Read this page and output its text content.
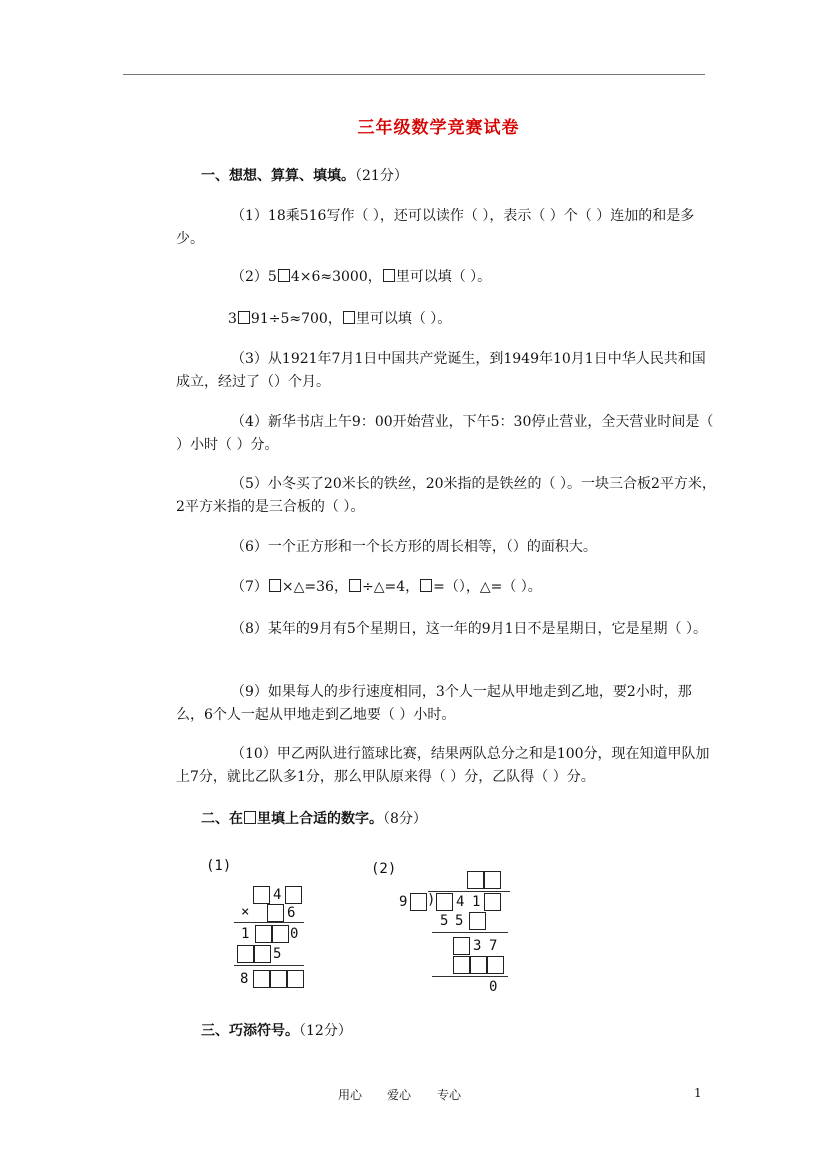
三年级数学竞赛试卷
一、想想、算算、填填。（21分）
（1）18乘516写作（ ），还可以读作（ ），表示（ ）个（ ）连加的和是多少。
（2）5 4×6≈3000， 里可以填（ ）。
3 91÷5≈700， 里可以填（ ）。
（3）从1921年7月1日中国共产党诞生，到1949年10月1日中华人民共和国成立，经过了（）个月。
（4）新华书店上午9：00开始营业，下午5：30停止营业，全天营业时间是（ ）小时（ ）分。
（5）小冬买了20米长的铁丝，20米指的是铁丝的（ ）。一块三合板2平方米，2平方米指的是三合板的（ ）。
（6）一个正方形和一个长方形的周长相等，（）的面积大。
（7） ×△=36， ÷△=4， =（），△=（ ）。
（8）某年的9月有5个星期日，这一年的9月1日不是星期日，它是星期（ ）。
（9）如果每人的步行速度相同，3个人一起从甲地走到乙地，要2小时，那么，6个人一起从甲地走到乙地要（ ）小时。
（10）甲乙两队进行篮球比赛，结果两队总分之和是100分，现在知道甲队加上7分，就比乙队多1分，那么甲队原来得（ ）分，乙队得（ ）分。
二、在 里填上合适的数字。（8分）
(1)
4
×	6
1	0
5
8
(2)
9 ) 4 1
5 5
3 7
0
三、巧添符号。（12分）
用心 爱心 专心	1
